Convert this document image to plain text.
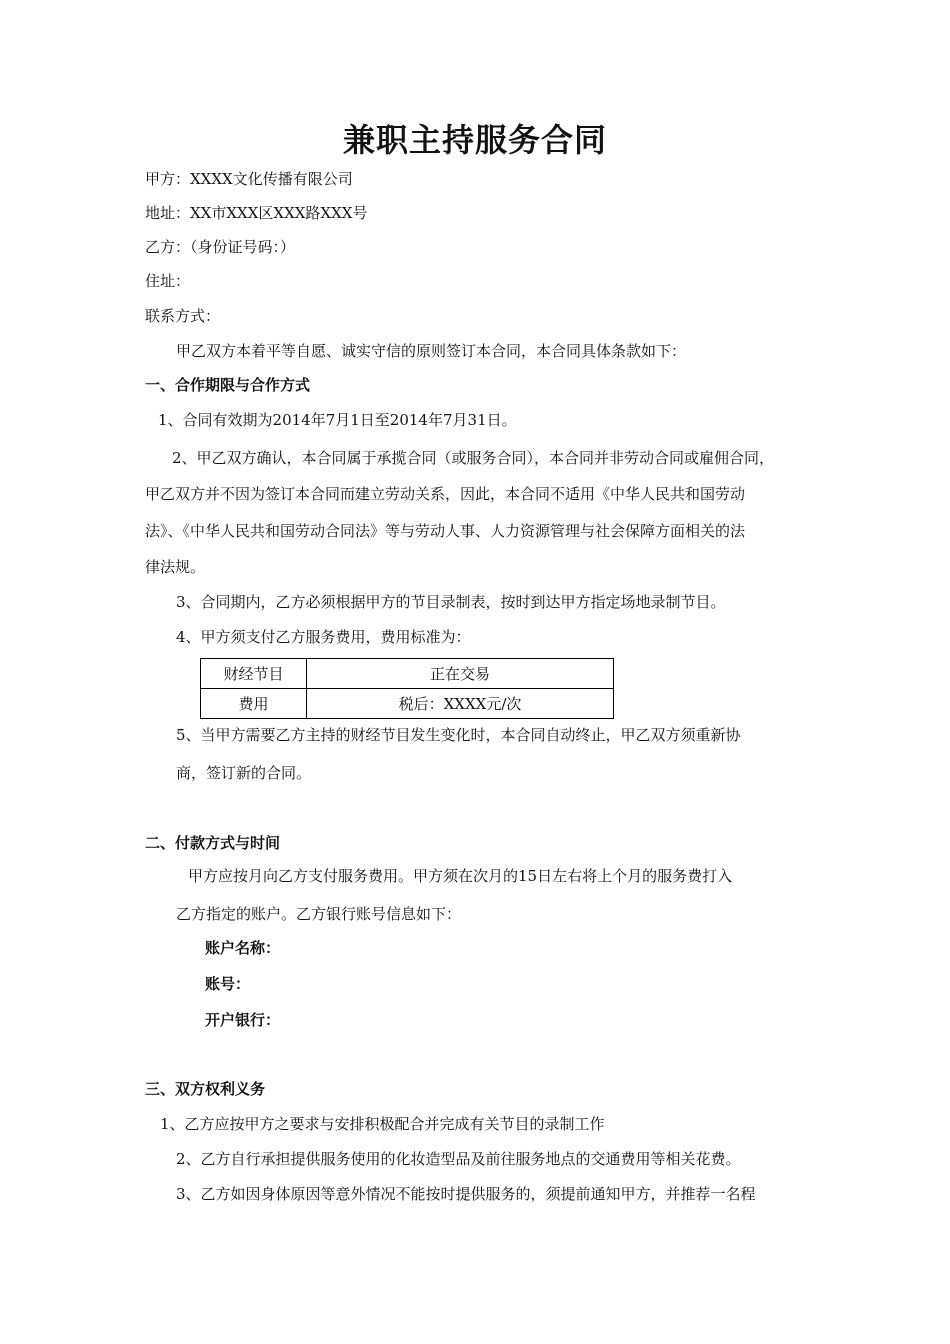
兼职主持服务合同
甲方：XXXX文化传播有限公司
地址：XX市XXX区XXX路XXX号
乙方：（身份证号码：）
住址：
联系方式：
甲乙双方本着平等自愿、诚实守信的原则签订本合同，本合同具体条款如下：
一、合作期限与合作方式
1、合同有效期为2014年7月1日至2014年7月31日。
2、甲乙双方确认，本合同属于承揽合同（或服务合同），本合同并非劳动合同或雇佣合同，
甲乙双方并不因为签订本合同而建立劳动关系，因此，本合同不适用《中华人民共和国劳动
法》、《中华人民共和国劳动合同法》等与劳动人事、人力资源管理与社会保障方面相关的法
律法规。
3、合同期内，乙方必须根据甲方的节目录制表，按时到达甲方指定场地录制节目。
4、甲方须支付乙方服务费用，费用标准为：
财经节目	正在交易
费用	税后：XXXX元/次
5、当甲方需要乙方主持的财经节目发生变化时，本合同自动终止，甲乙双方须重新协
商，签订新的合同。
二、付款方式与时间
甲方应按月向乙方支付服务费用。甲方须在次月的15日左右将上个月的服务费打入
乙方指定的账户。乙方银行账号信息如下：
账户名称：
账号：
开户银行：
三、双方权利义务
1、乙方应按甲方之要求与安排积极配合并完成有关节目的录制工作
2、乙方自行承担提供服务使用的化妆造型品及前往服务地点的交通费用等相关花费。
3、乙方如因身体原因等意外情况不能按时提供服务的，须提前通知甲方，并推荐一名程
